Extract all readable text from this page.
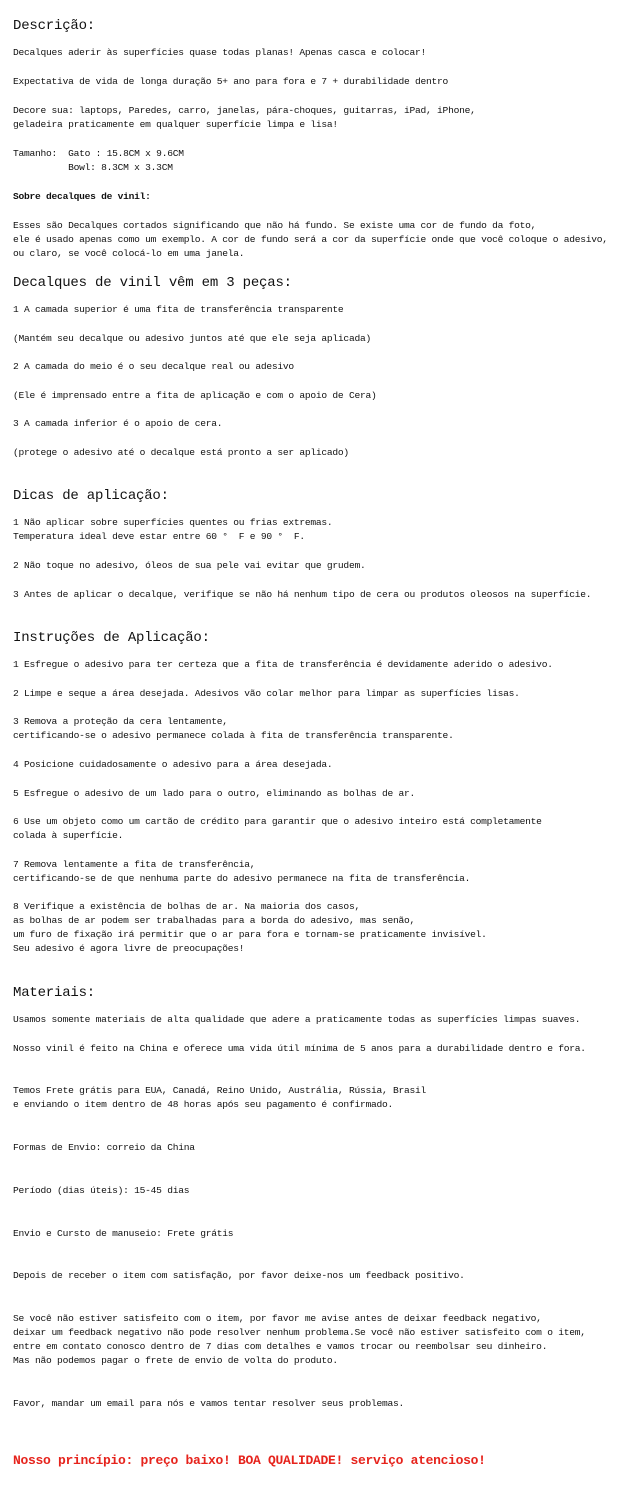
Descrição:

Decalques aderir às superfícies quase todas planas! Apenas casca e colocar!

Expectativa de vida de longa duração 5+ ano para fora e 7 + durabilidade dentro

Decore sua: laptops, Paredes, carro, janelas, pára-choques, guitarras, iPad, iPhone,

geladeira praticamente em qualquer superfície limpa e lisa!

Tamanho:  Gato : 15.8CM x 9.6CM

Bowl: 8.3CM x 3.3CM

Sobre decalques de vinil:

Esses são Decalques cortados significando que não há fundo. Se existe uma cor de fundo da foto,

ele é usado apenas como um exemplo. A cor de fundo será a cor da superfície onde que você coloque o adesivo,

ou claro, se você colocá-lo em uma janela.

Decalques de vinil vêm em 3 peças:

1 A camada superior é uma fita de transferência transparente

(Mantém seu decalque ou adesivo juntos até que ele seja aplicada)

2 A camada do meio é o seu decalque real ou adesivo

(Ele é imprensado entre a fita de aplicação e com o apoio de Cera)

3 A camada inferior é o apoio de cera.

(protege o adesivo até o decalque está pronto a ser aplicado)

Dicas de aplicação:

1 Não aplicar sobre superfícies quentes ou frias extremas.

Temperatura ideal deve estar entre 60 °  F e 90 °  F.

2 Não toque no adesivo, óleos de sua pele vai evitar que grudem.

3 Antes de aplicar o decalque, verifique se não há nenhum tipo de cera ou produtos oleosos na superfície.

Instruções de Aplicação:

1 Esfregue o adesivo para ter certeza que a fita de transferência é devidamente aderido o adesivo.

2 Limpe e seque a área desejada. Adesivos vão colar melhor para limpar as superfícies lisas.

3 Remova a proteção da cera lentamente,

certificando-se o adesivo permanece colada à fita de transferência transparente.

4 Posicione cuidadosamente o adesivo para a área desejada.

5 Esfregue o adesivo de um lado para o outro, eliminando as bolhas de ar.

6 Use um objeto como um cartão de crédito para garantir que o adesivo inteiro está completamente

colada à superfície.

7 Remova lentamente a fita de transferência,

certificando-se de que nenhuma parte do adesivo permanece na fita de transferência.

8 Verifique a existência de bolhas de ar. Na maioria dos casos,

as bolhas de ar podem ser trabalhadas para a borda do adesivo, mas senão,

um furo de fixação irá permitir que o ar para fora e tornam-se praticamente invisível.

Seu adesivo é agora livre de preocupações!

Materiais:

Usamos somente materiais de alta qualidade que adere a praticamente todas as superfícies limpas suaves.

Nosso vinil é feito na China e oferece uma vida útil mínima de 5 anos para a durabilidade dentro e fora.

Temos Frete grátis para EUA, Canadá, Reino Unido, Austrália, Rússia, Brasil

e enviando o item dentro de 48 horas após seu pagamento é confirmado.

Formas de Envio: correio da China

Período (dias úteis): 15-45 dias

Envio e Cursto de manuseio: Frete grátis

Depois de receber o item com satisfação, por favor deixe-nos um feedback positivo.

Se você não estiver satisfeito com o item, por favor me avise antes de deixar feedback negativo,

deixar um feedback negativo não pode resolver nenhum problema.Se você não estiver satisfeito com o item,

entre em contato conosco dentro de 7 dias com detalhes e vamos trocar ou reembolsar seu dinheiro.

Mas não podemos pagar o frete de envio de volta do produto.

Favor, mandar um email para nós e vamos tentar resolver seus problemas.

Nosso princípio: preço baixo! BOA QUALIDADE! serviço atencioso!
